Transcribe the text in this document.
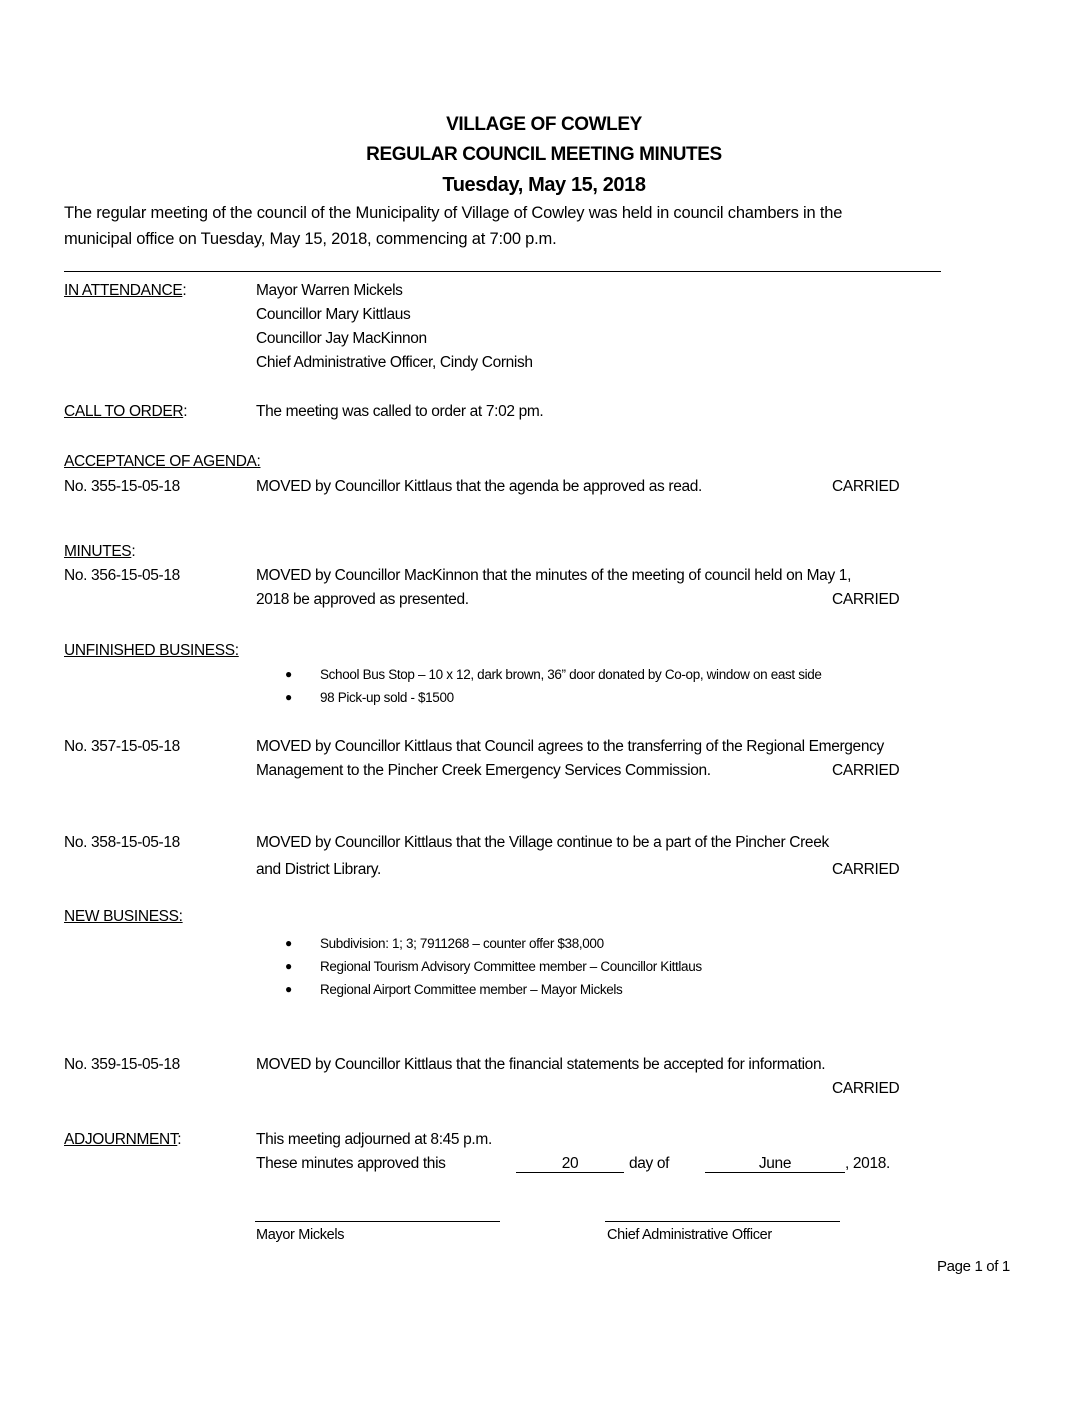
VILLAGE OF COWLEY
REGULAR COUNCIL MEETING MINUTES
Tuesday, May 15, 2018
The regular meeting of the council of the Municipality of Village of Cowley was held in council chambers in the
municipal office on Tuesday, May 15, 2018, commencing at 7:00 p.m.
IN ATTENDANCE:	Mayor Warren Mickels
Councillor Mary Kittlaus
Councillor Jay MacKinnon
Chief Administrative Officer, Cindy Cornish
CALL TO ORDER:	The meeting was called to order at 7:02 pm.
ACCEPTANCE OF AGENDA:
No. 355-15-05-18	MOVED by Councillor Kittlaus that the agenda be approved as read.	CARRIED
MINUTES:
No. 356-15-05-18	MOVED by Councillor MacKinnon that the minutes of the meeting of council held on May 1,
2018 be approved as presented.	CARRIED
UNFINISHED BUSINESS:
● School Bus Stop – 10 x 12, dark brown, 36” door donated by Co-op, window on east side
● 98 Pick-up sold - $1500
No. 357-15-05-18	MOVED by Councillor Kittlaus that Council agrees to the transferring of the Regional Emergency
Management to the Pincher Creek Emergency Services Commission.	CARRIED
No. 358-15-05-18	MOVED by Councillor Kittlaus that the Village continue to be a part of the Pincher Creek
and District Library.	CARRIED
NEW BUSINESS:
● Subdivision: 1; 3; 7911268 – counter offer $38,000
● Regional Tourism Advisory Committee member – Councillor Kittlaus
● Regional Airport Committee member – Mayor Mickels
No. 359-15-05-18	MOVED by Councillor Kittlaus that the financial statements be accepted for information.
CARRIED
ADJOURNMENT:	This meeting adjourned at 8:45 p.m.
These minutes approved this	20	day of	June	, 2018.
Mayor Mickels	Chief Administrative Officer
Page 1 of 1
